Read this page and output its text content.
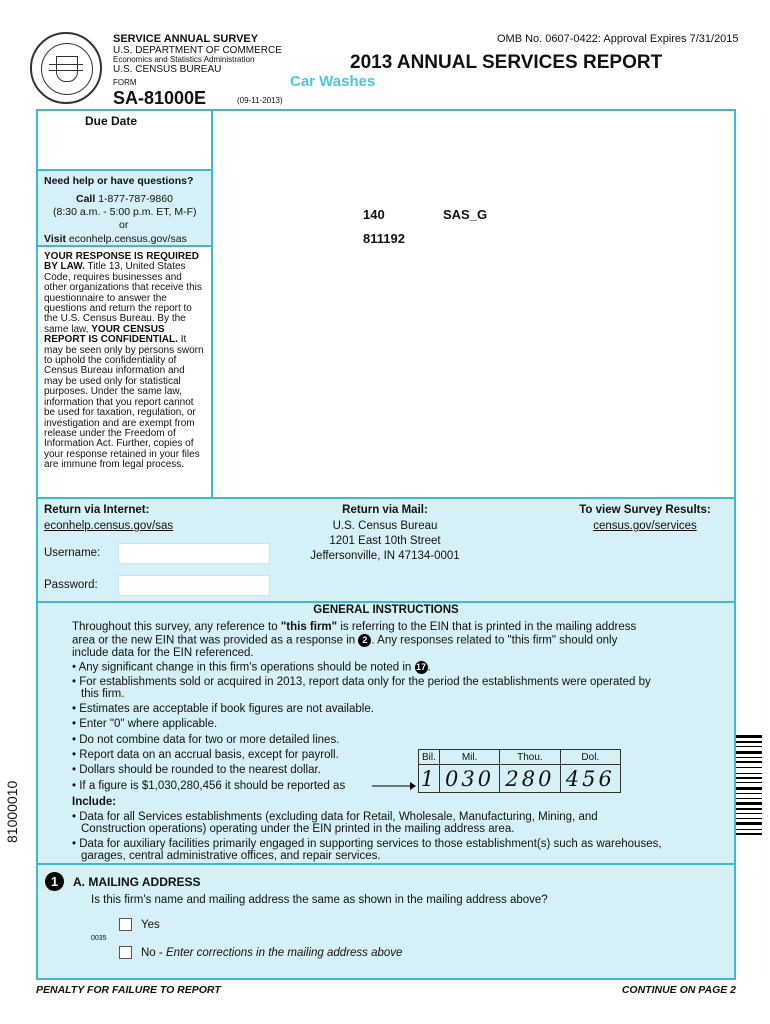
SERVICE ANNUAL SURVEY
U.S. DEPARTMENT OF COMMERCE
Economics and Statistics Administration
U.S. CENSUS BUREAU
FORM
SA-81000E	(09-11-2013)
OMB No. 0607-0422: Approval Expires 7/31/2015
2013 ANNUAL SERVICES REPORT
Car Washes
Due Date
Need help or have questions?
Call 1-877-787-9860
(8:30 a.m. - 5:00 p.m. ET, M-F)
or
Visit econhelp.census.gov/sas
YOUR RESPONSE IS REQUIRED BY LAW. Title 13, United States Code, requires businesses and other organizations that receive this questionnaire to answer the questions and return the report to the U.S. Census Bureau. By the same law, YOUR CENSUS REPORT IS CONFIDENTIAL. It may be seen only by persons sworn to uphold the confidentiality of Census Bureau information and may be used only for statistical purposes. Under the same law, information that you report cannot be used for taxation, regulation, or investigation and are exempt from release under the Freedom of Information Act. Further, copies of your response retained in your files are immune from legal process.
140	SAS_G
811192
Return via Internet:
econhelp.census.gov/sas
Username:
Password:
Return via Mail:
U.S. Census Bureau
1201 East 10th Street
Jeffersonville, IN 47134-0001
To view Survey Results:
census.gov/services
GENERAL INSTRUCTIONS
Throughout this survey, any reference to "this firm" is referring to the EIN that is printed in the mailing address
area or the new EIN that was provided as a response in 2 . Any responses related to "this firm" should only
include data for the EIN referenced.
• Any significant change in this firm's operations should be noted in 17 .
• For establishments sold or acquired in 2013, report data only for the period the establishments were operated by
this firm.
• Estimates are acceptable if book figures are not available.
• Enter "0" where applicable.
• Do not combine data for two or more detailed lines.
• Report data on an accrual basis, except for payroll.
• Dollars should be rounded to the nearest dollar.
• If a figure is $1,030,280,456 it should be reported as
Bil.	Mil.	Thou.	Dol.
1	030	280	456
Include:
• Data for all Services establishments (excluding data for Retail, Wholesale, Manufacturing, Mining, and
Construction operations) operating under the EIN printed in the mailing address area.
• Data for auxiliary facilities primarily engaged in supporting services to those establishment(s) such as warehouses,
garages, central administrative offices, and repair services.
1	A. MAILING ADDRESS
Is this firm's name and mailing address the same as shown in the mailing address above?
Yes
0035
No - Enter corrections in the mailing address above
81000010
PENALTY FOR FAILURE TO REPORT	CONTINUE ON PAGE 2
